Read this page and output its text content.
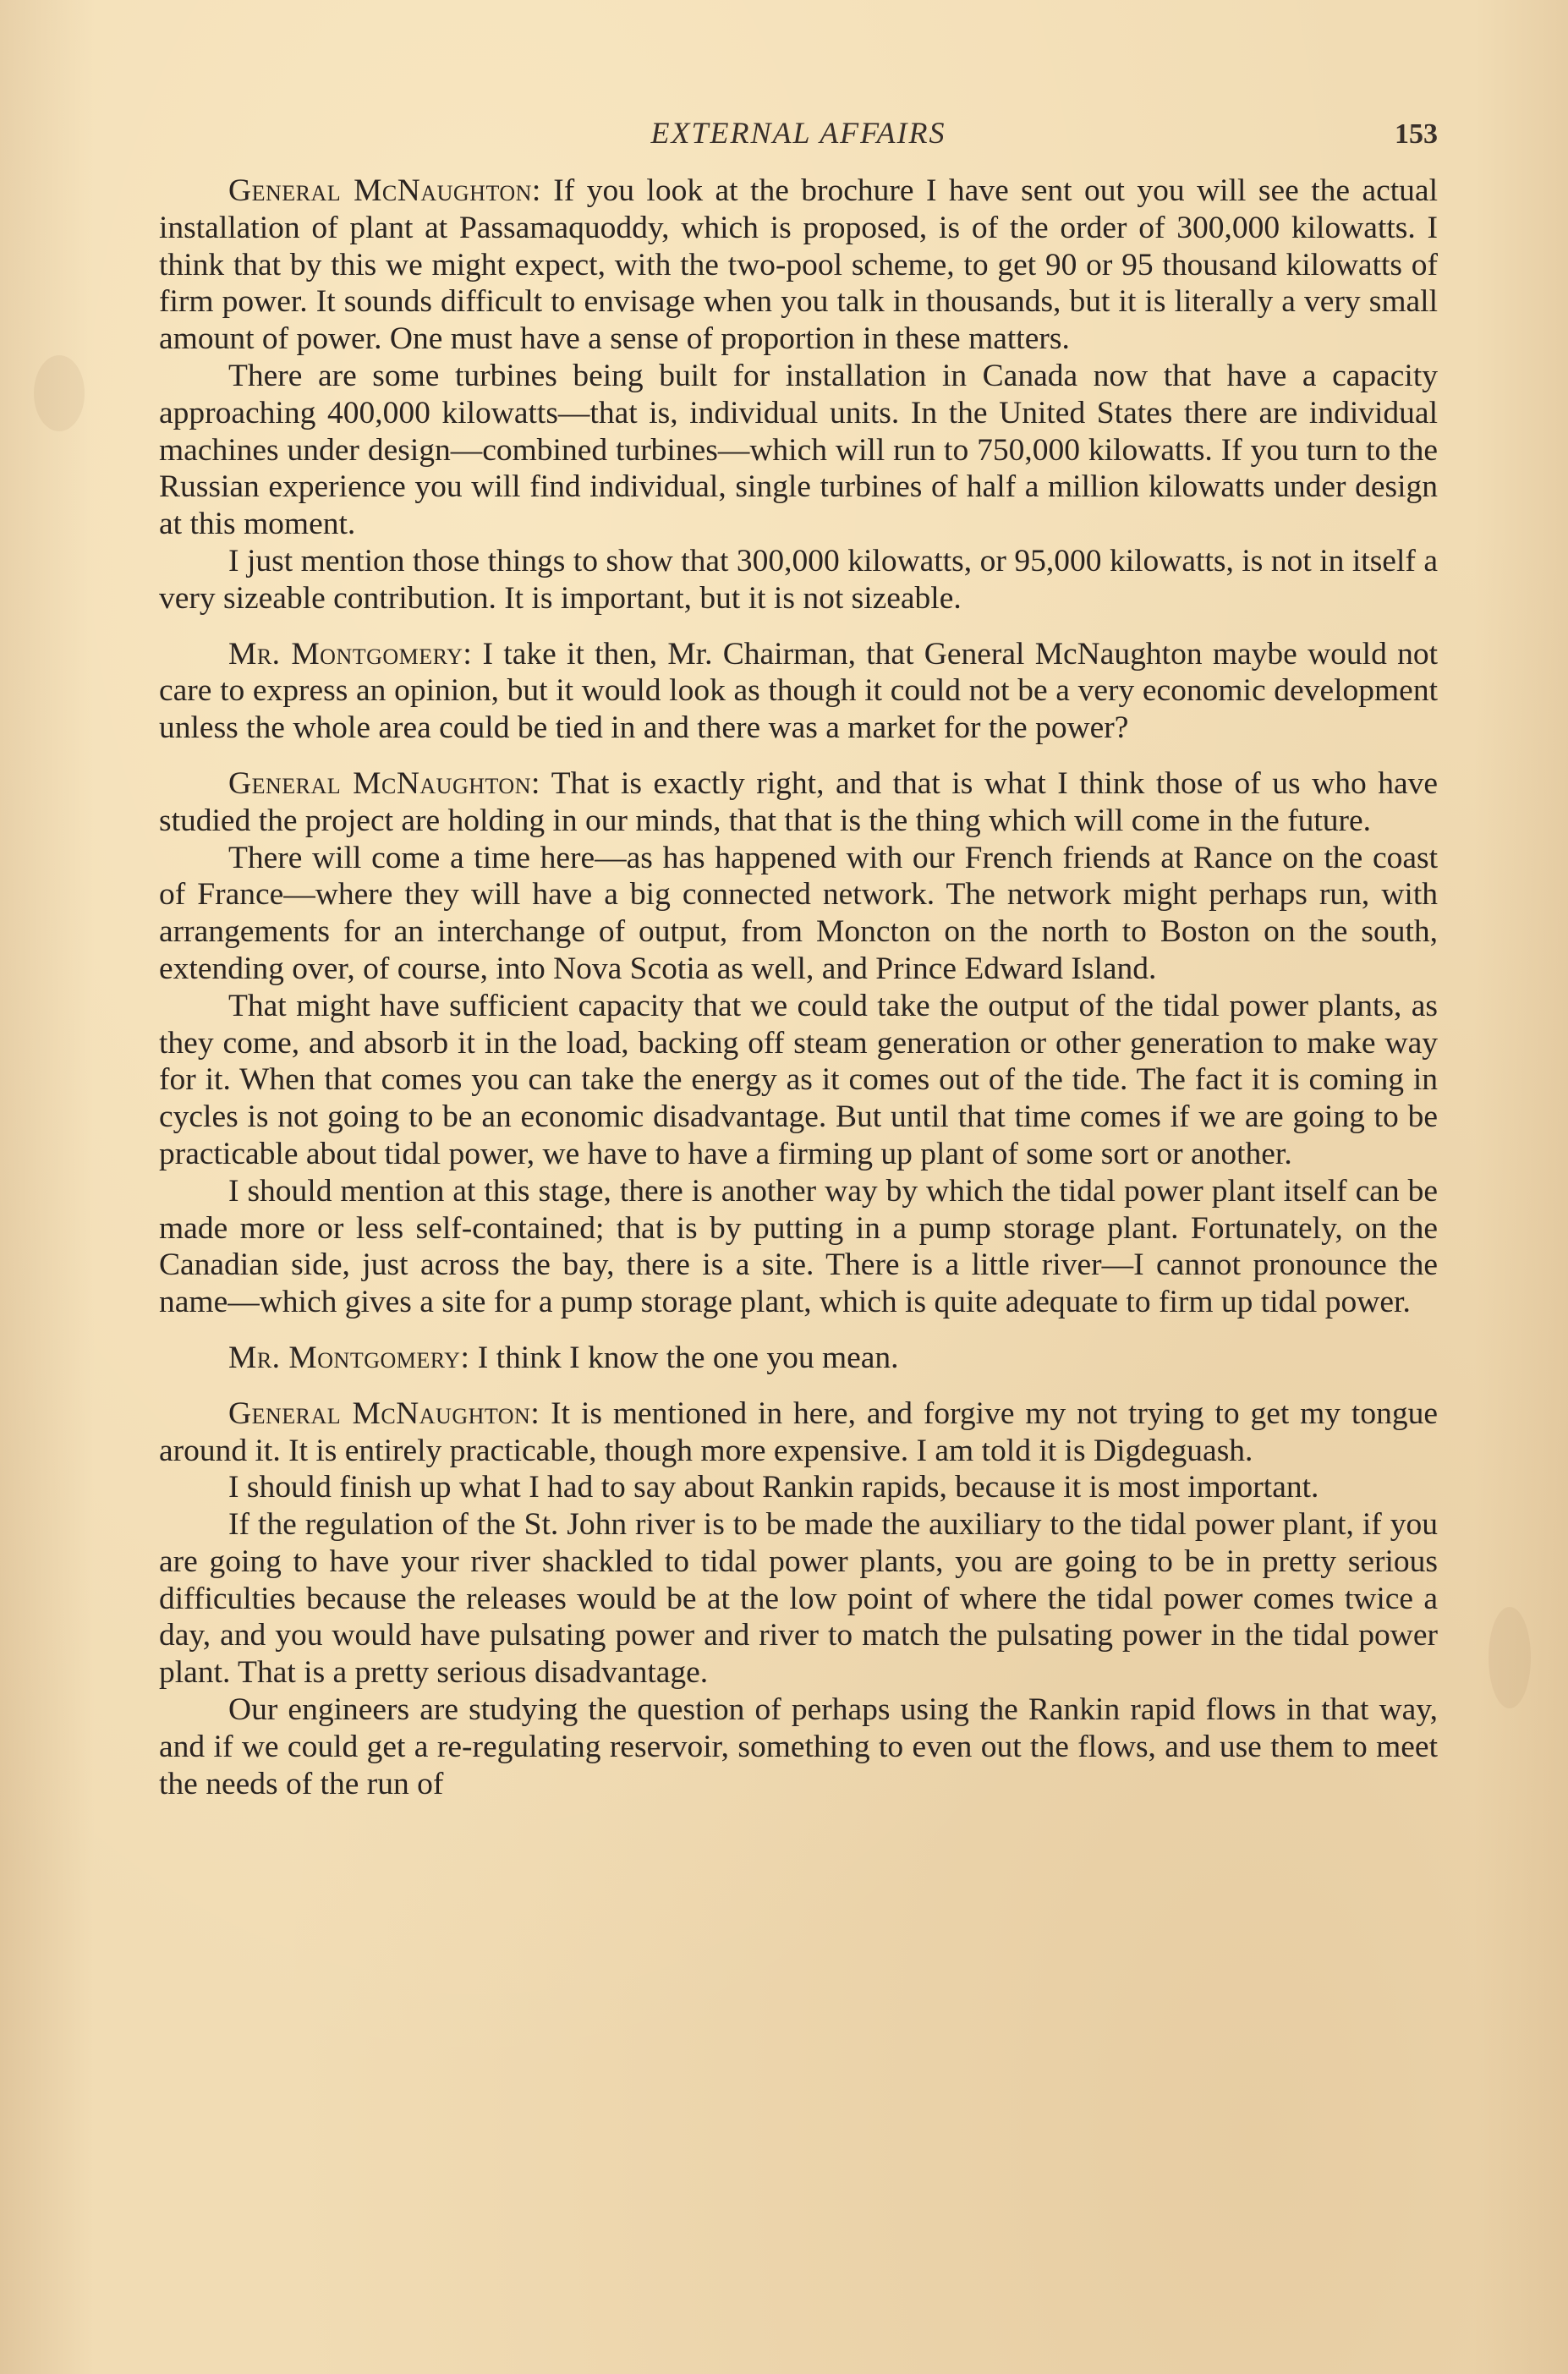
EXTERNAL AFFAIRS	153

General McNaughton: If you look at the brochure I have sent out you will see the actual installation of plant at Passamaquoddy, which is proposed, is of the order of 300,000 kilowatts. I think that by this we might expect, with the two-pool scheme, to get 90 or 95 thousand kilowatts of firm power. It sounds difficult to envisage when you talk in thousands, but it is literally a very small amount of power. One must have a sense of proportion in these matters.

There are some turbines being built for installation in Canada now that have a capacity approaching 400,000 kilowatts—that is, individual units. In the United States there are individual machines under design—combined turbines—which will run to 750,000 kilowatts. If you turn to the Russian experience you will find individual, single turbines of half a million kilowatts under design at this moment.

I just mention those things to show that 300,000 kilowatts, or 95,000 kilowatts, is not in itself a very sizeable contribution. It is important, but it is not sizeable.

Mr. Montgomery: I take it then, Mr. Chairman, that General McNaughton maybe would not care to express an opinion, but it would look as though it could not be a very economic development unless the whole area could be tied in and there was a market for the power?

General McNaughton: That is exactly right, and that is what I think those of us who have studied the project are holding in our minds, that that is the thing which will come in the future.

There will come a time here—as has happened with our French friends at Rance on the coast of France—where they will have a big connected network. The network might perhaps run, with arrangements for an interchange of output, from Moncton on the north to Boston on the south, extending over, of course, into Nova Scotia as well, and Prince Edward Island.

That might have sufficient capacity that we could take the output of the tidal power plants, as they come, and absorb it in the load, backing off steam generation or other generation to make way for it. When that comes you can take the energy as it comes out of the tide. The fact it is coming in cycles is not going to be an economic disadvantage. But until that time comes if we are going to be practicable about tidal power, we have to have a firming up plant of some sort or another.

I should mention at this stage, there is another way by which the tidal power plant itself can be made more or less self-contained; that is by putting in a pump storage plant. Fortunately, on the Canadian side, just across the bay, there is a site. There is a little river—I cannot pronounce the name—which gives a site for a pump storage plant, which is quite adequate to firm up tidal power.

Mr. Montgomery: I think I know the one you mean.

General McNaughton: It is mentioned in here, and forgive my not trying to get my tongue around it. It is entirely practicable, though more expensive. I am told it is Digdeguash.

I should finish up what I had to say about Rankin rapids, because it is most important.

If the regulation of the St. John river is to be made the auxiliary to the tidal power plant, if you are going to have your river shackled to tidal power plants, you are going to be in pretty serious difficulties because the releases would be at the low point of where the tidal power comes twice a day, and you would have pulsating power and river to match the pulsating power in the tidal power plant. That is a pretty serious disadvantage.

Our engineers are studying the question of perhaps using the Rankin rapid flows in that way, and if we could get a re-regulating reservoir, something to even out the flows, and use them to meet the needs of the run of
